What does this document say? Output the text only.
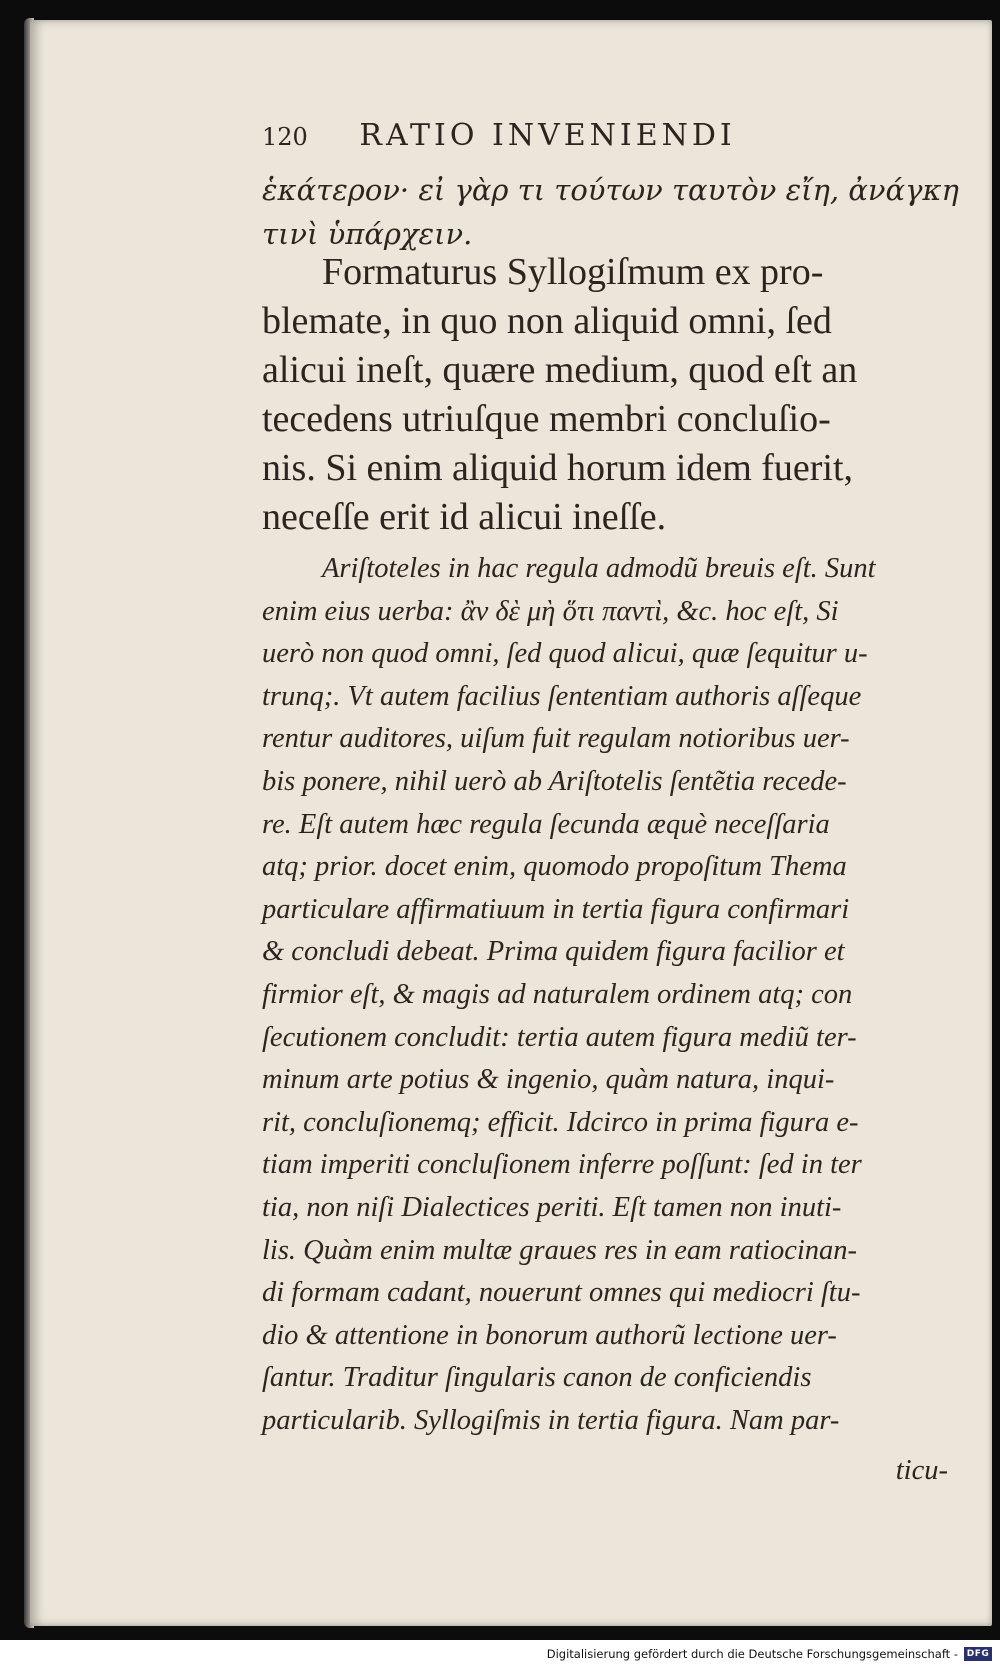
120 RATIO INVENIENDI
ἑκάτερον· εἰ γὰρ τι τούτων ταυτὸν εἴη, ἀνάγκη
τινὶ ὑπάρχειν.
Formaturus Syllogiſmum ex pro-
blemate, in quo non aliquid omni, ſed
alicui ineſt, quære medium, quod eſt an
tecedens utriuſque membri concluſio-
nis. Si enim aliquid horum idem fuerit,
neceſſe erit id alicui ineſſe.
Ariſtoteles in hac regula admodũ breuis eſt. Sunt
enim eius uerba: ἂν δὲ μὴ ὅτι παντὶ, &c. hoc eſt, Si
uerò non quod omni, ſed quod alicui, quæ ſequitur u-
trunq;. Vt autem facilius ſententiam authoris aſſeque
rentur auditores, uiſum fuit regulam notioribus uer-
bis ponere, nihil uerò ab Ariſtotelis ſentẽtia recede-
re. Eſt autem hæc regula ſecunda æquè neceſſaria
atq; prior. docet enim, quomodo propoſitum Thema
particulare affirmatiuum in tertia figura confirmari
& concludi debeat. Prima quidem figura facilior et
firmior eſt, & magis ad naturalem ordinem atq; con
ſecutionem concludit: tertia autem figura mediũ ter-
minum arte potius & ingenio, quàm natura, inqui-
rit, concluſionemq; efficit. Idcirco in prima figura e-
tiam imperiti concluſionem inferre poſſunt: ſed in ter
tia, non niſi Dialectices periti. Eſt tamen non inuti-
lis. Quàm enim multæ graues res in eam ratiocinan-
di formam cadant, nouerunt omnes qui mediocri ſtu-
dio & attentione in bonorum authorũ lectione uer-
ſantur. Traditur ſingularis canon de conficiendis
particularib. Syllogiſmis in tertia figura. Nam par-
ticu-
Digitalisierung gefördert durch die Deutsche Forschungsgemeinschaft - DFG
